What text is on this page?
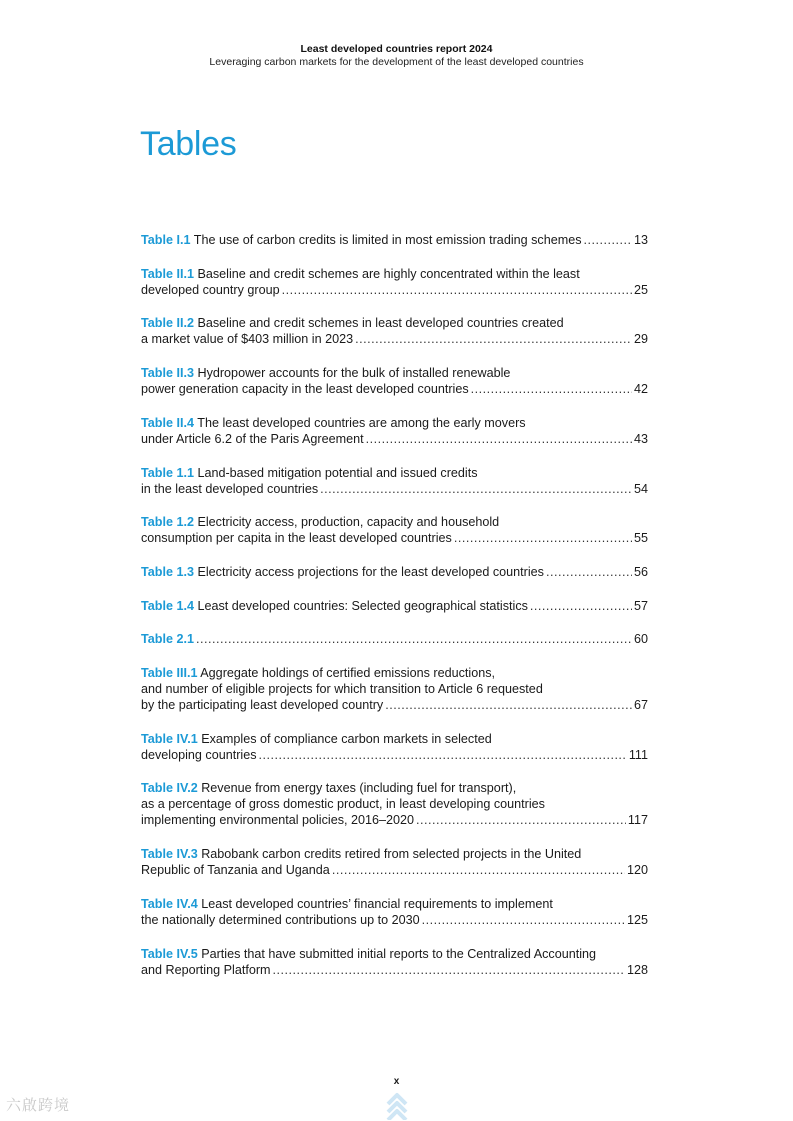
Least developed countries report 2024
Leveraging carbon markets for the development of the least developed countries
Tables
Table I.1 The use of carbon credits is limited in most emission trading schemes .....	13
Table II.1 Baseline and credit schemes are highly concentrated within the least
developed country group .....	25
Table II.2 Baseline and credit schemes in least developed countries created
a market value of $403 million in 2023 .....	29
Table II.3 Hydropower accounts for the bulk of installed renewable
power generation capacity in the least developed countries .....	42
Table II.4 The least developed countries are among the early movers
under Article 6.2 of the Paris Agreement .....	43
Table 1.1 Land-based mitigation potential and issued credits
in the least developed countries .....	54
Table 1.2 Electricity access, production, capacity and household
consumption per capita in the least developed countries .....	55
Table 1.3 Electricity access projections for the least developed countries .....	56
Table 1.4 Least developed countries: Selected geographical statistics .....	57
Table 2.1 .....	60
Table III.1 Aggregate holdings of certified emissions reductions,
and number of eligible projects for which transition to Article 6 requested
by the participating least developed country .....	67
Table IV.1 Examples of compliance carbon markets in selected
developing countries .....	111
Table IV.2 Revenue from energy taxes (including fuel for transport),
as a percentage of gross domestic product, in least developing countries
implementing environmental policies, 2016–2020 .....	117
Table IV.3 Rabobank carbon credits retired from selected projects in the United
Republic of Tanzania and Uganda .....	120
Table IV.4 Least developed countries’ financial requirements to implement
the nationally determined contributions up to 2030 .....	125
Table IV.5 Parties that have submitted initial reports to the Centralized Accounting
and Reporting Platform .....	128
x
六啟跨境
